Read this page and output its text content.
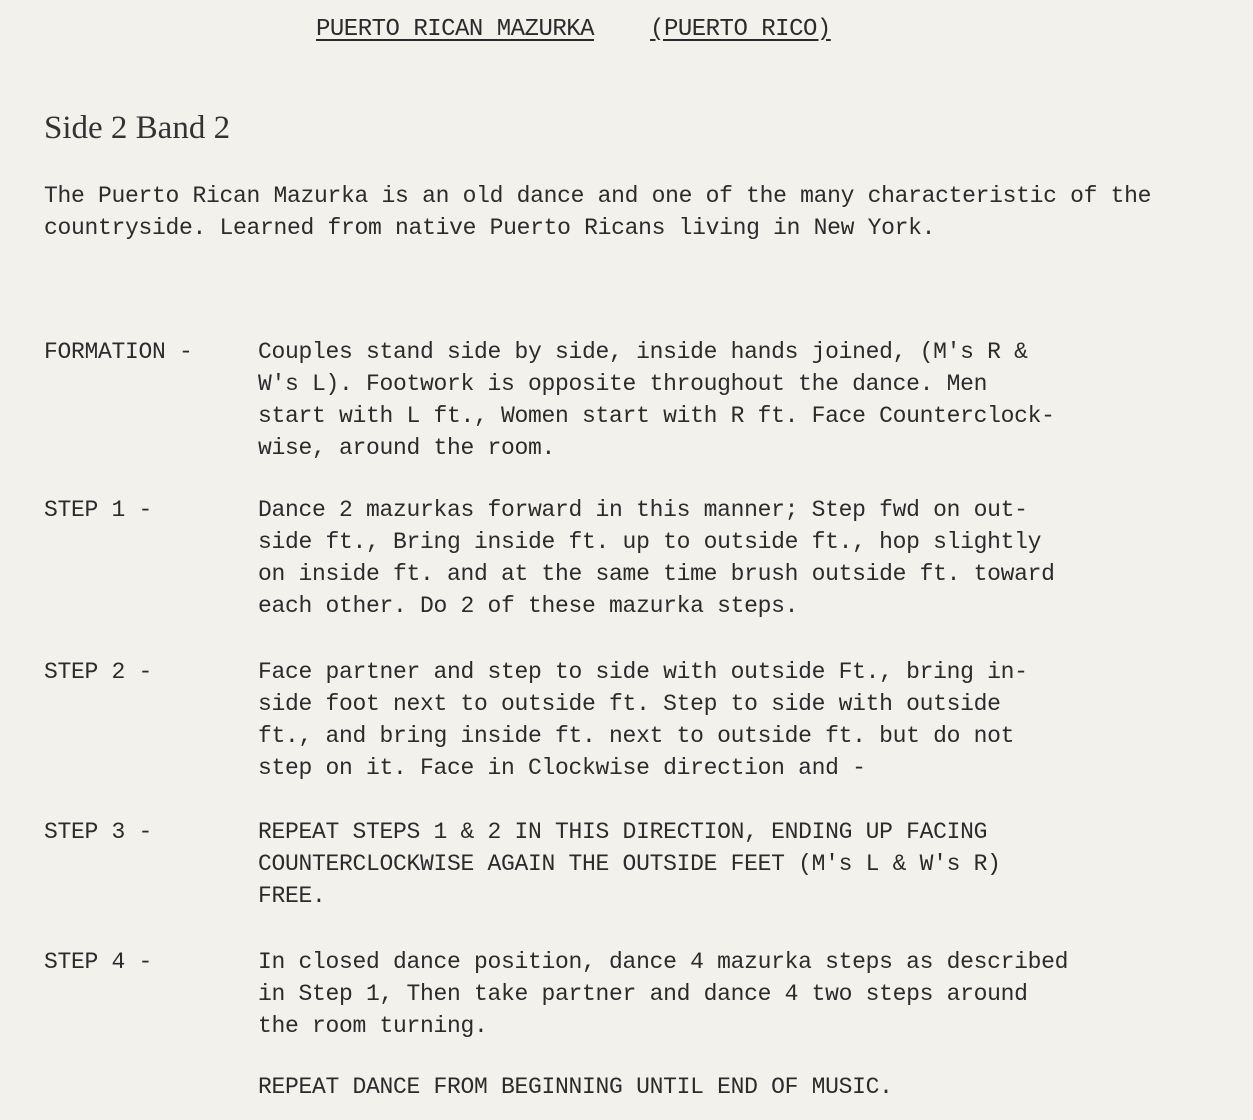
PUERTO RICAN MAZURKA (PUERTO RICO)
Side 2 Band 2

The Puerto Rican Mazurka is an old dance and one of the many characteristic of the countryside. Learned from native Puerto Ricans living in New York.

FORMATION -	Couples stand side by side, inside hands joined, (M's R &
W's L). Footwork is opposite throughout the dance. Men
start with L ft., Women start with R ft. Face Counterclock-
wise, around the room.
STEP 1 -	Dance 2 mazurkas forward in this manner; Step fwd on out-
side ft., Bring inside ft. up to outside ft., hop slightly
on inside ft. and at the same time brush outside ft. toward
each other. Do 2 of these mazurka steps.
STEP 2 -	Face partner and step to side with outside Ft., bring in-
side foot next to outside ft. Step to side with outside
ft., and bring inside ft. next to outside ft. but do not
step on it. Face in Clockwise direction and -
STEP 3 -	REPEAT STEPS 1 & 2 IN THIS DIRECTION, ENDING UP FACING
COUNTERCLOCKWISE AGAIN THE OUTSIDE FEET (M's L & W's R)
FREE.
STEP 4 -	In closed dance position, dance 4 mazurka steps as described
in Step 1, Then take partner and dance 4 two steps around
the room turning.
REPEAT DANCE FROM BEGINNING UNTIL END OF MUSIC.
